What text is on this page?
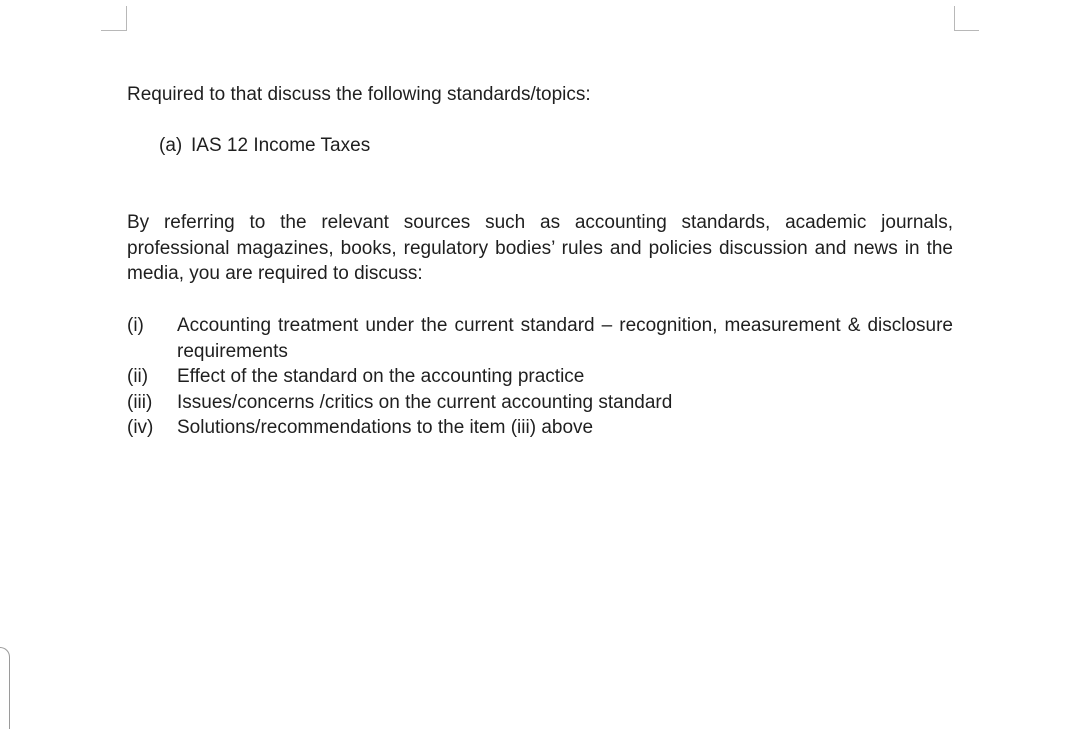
Required to that discuss the following standards/topics:
(a) IAS 12 Income Taxes
By referring to the relevant sources such as accounting standards, academic journals, professional magazines, books, regulatory bodies’ rules and policies discussion and news in the media, you are required to discuss:
(i)	Accounting treatment under the current standard – recognition, measurement & disclosure requirements
(ii)	Effect of the standard on the accounting practice
(iii)	Issues/concerns /critics on the current accounting standard
(iv)	Solutions/recommendations to the item (iii) above
